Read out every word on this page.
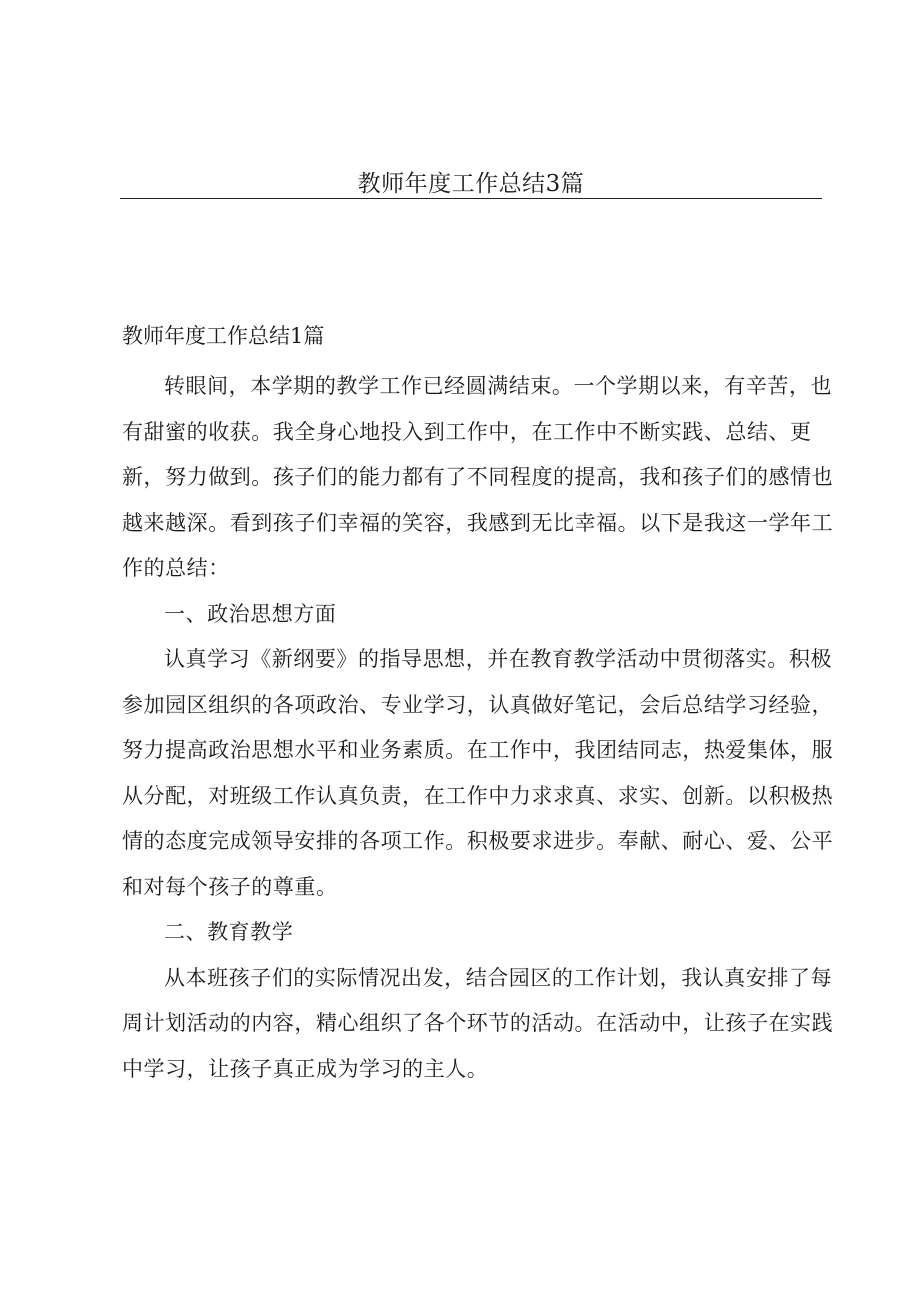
教师年度工作总结3篇
教师年度工作总结1篇

转眼间，本学期的教学工作已经圆满结束。一个学期以来，有辛苦，也有甜蜜的收获。我全身心地投入到工作中，在工作中不断实践、总结、更新，努力做到。孩子们的能力都有了不同程度的提高，我和孩子们的感情也越来越深。看到孩子们幸福的笑容，我感到无比幸福。以下是我这一学年工作的总结：

一、政治思想方面

认真学习《新纲要》的指导思想，并在教育教学活动中贯彻落实。积极参加园区组织的各项政治、专业学习，认真做好笔记，会后总结学习经验，努力提高政治思想水平和业务素质。在工作中，我团结同志，热爱集体，服从分配，对班级工作认真负责，在工作中力求求真、求实、创新。以积极热情的态度完成领导安排的各项工作。积极要求进步。奉献、耐心、爱、公平和对每个孩子的尊重。

二、教育教学

从本班孩子们的实际情况出发，结合园区的工作计划，我认真安排了每周计划活动的内容，精心组织了各个环节的活动。在活动中，让孩子在实践中学习，让孩子真正成为学习的主人。
